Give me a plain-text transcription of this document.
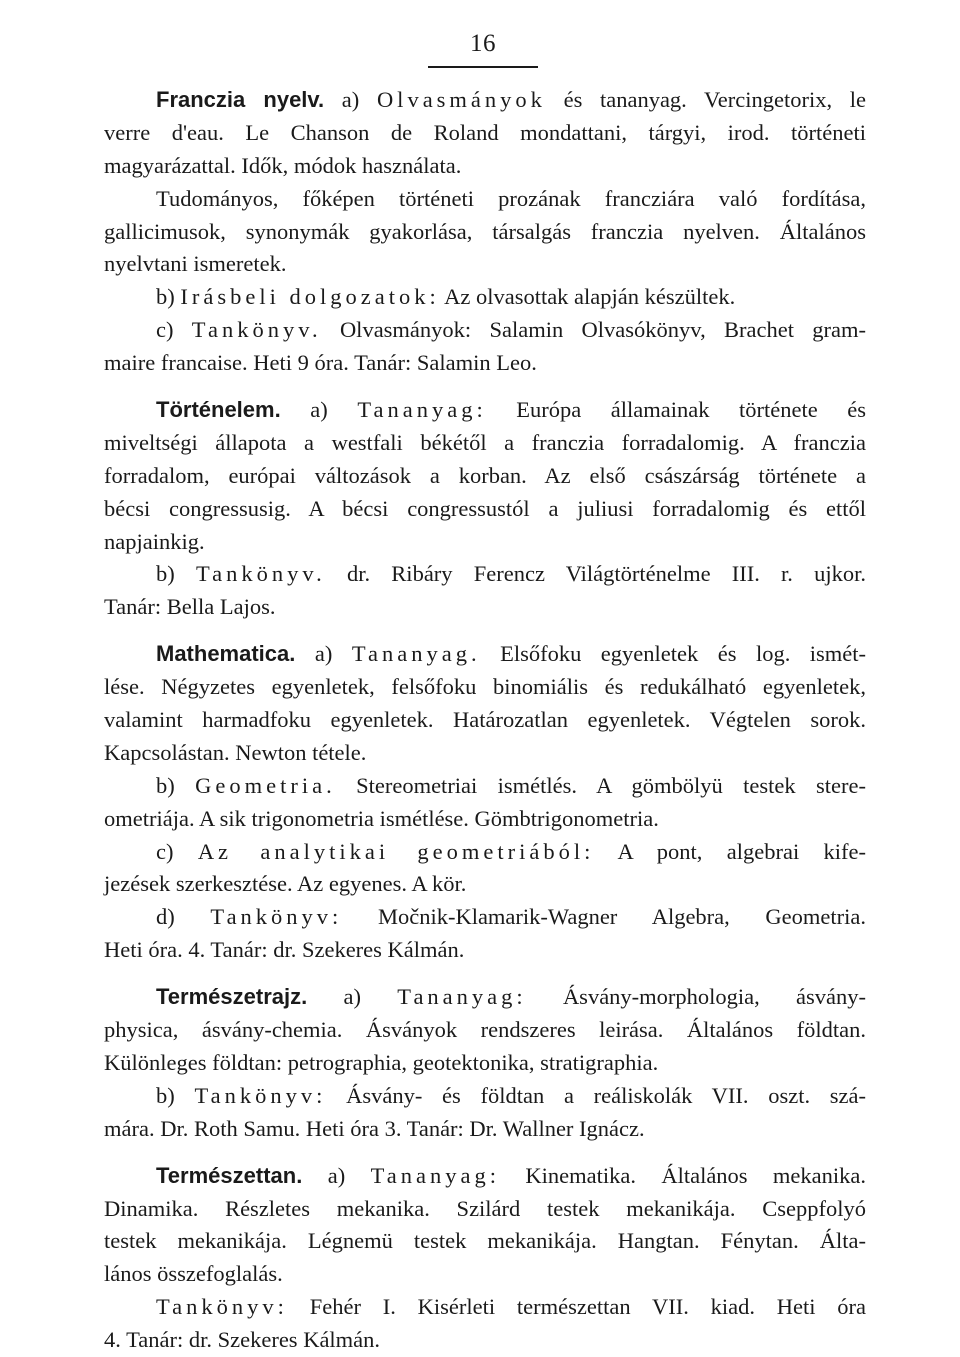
16
Franczia nyelv. a) Olvasmányok és tananyag. Vercingetorix, le
verre d'eau. Le Chanson de Roland mondattani, tárgyi, irod. történeti
magyarázattal. Idők, módok használata.
Tudományos, főképen történeti prozának francziára való fordítása,
gallicimusok, synonymák gyakorlása, társalgás franczia nyelven. Általános
nyelvtani ismeretek.
b) Irásbeli dolgozatok: Az olvasottak alapján készültek.
c) Tankönyv. Olvasmányok: Salamin Olvasókönyv, Brachet gram-
maire francaise. Heti 9 óra. Tanár: Salamin Leo.
Történelem. a) Tananyag: Európa államainak története és
miveltségi állapota a westfali békétől a franczia forradalomig. A franczia
forradalom, európai változások a korban. Az első császárság története a
bécsi congressusig. A bécsi congressustól a juliusi forradalomig és ettől
napjainkig.
b) Tankönyv. dr. Ribáry Ferencz Világtörténelme III. r. ujkor.
Tanár: Bella Lajos.
Mathematica. a) Tananyag. Elsőfoku egyenletek és log. ismét-
lése. Négyzetes egyenletek, felsőfoku binomiális és redukálható egyenletek,
valamint harmadfoku egyenletek. Határozatlan egyenletek. Végtelen sorok.
Kapcsolástan. Newton tétele.
b) Geometria. Stereometriai ismétlés. A gömbölyü testek stere-
ometriája. A sik trigonometria ismétlése. Gömbtrigonometria.
c) Az analytikai geometriából: A pont, algebrai kife-
jezések szerkesztése. Az egyenes. A kör.
d) Tankönyv: Močnik-Klamarik-Wagner Algebra, Geometria.
Heti óra. 4. Tanár: dr. Szekeres Kálmán.
Természetrajz. a) Tananyag: Ásvány-morphologia, ásvány-
physica, ásvány-chemia. Ásványok rendszeres leirása. Általános földtan.
Különleges földtan: petrographia, geotektonika, stratigraphia.
b) Tankönyv: Ásvány- és földtan a reáliskolák VII. oszt. szá-
mára. Dr. Roth Samu. Heti óra 3. Tanár: Dr. Wallner Ignácz.
Természettan. a) Tananyag: Kinematika. Általános mekanika.
Dinamika. Részletes mekanika. Szilárd testek mekanikája. Cseppfolyó
testek mekanikája. Légnemü testek mekanikája. Hangtan. Fénytan. Álta-
lános összefoglalás.
Tankönyv: Fehér I. Kisérleti természettan VII. kiad. Heti óra
4. Tanár: dr. Szekeres Kálmán.
